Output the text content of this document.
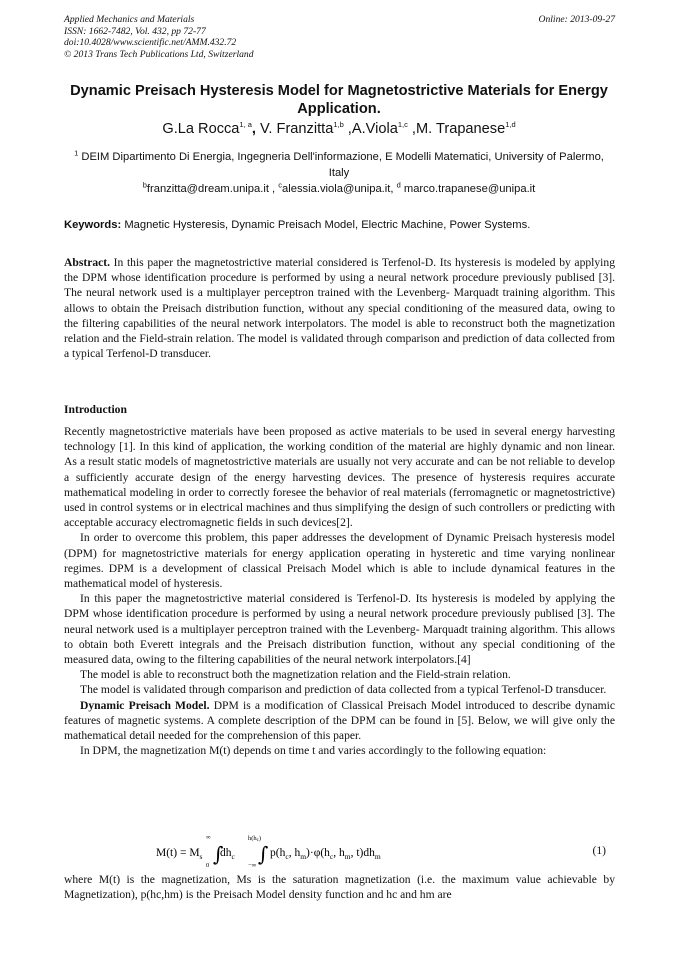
Applied Mechanics and Materials
ISSN: 1662-7482, Vol. 432, pp 72-77
doi:10.4028/www.scientific.net/AMM.432.72
© 2013 Trans Tech Publications Ltd, Switzerland
Online: 2013-09-27
Dynamic Preisach Hysteresis Model for Magnetostrictive Materials for Energy Application.
G.La Rocca$^{1, a}$, V. Franzitta$^{1,b}$ ,A.Viola$^{1,c}$ ,M. Trapanese$^{1,d}$
$^1$ DEIM Dipartimento Di Energia, Ingegneria Dell'informazione, E Modelli Matematici, University of Palermo, Italy
$^b$franzitta@dream.unipa.it , $^c$alessia.viola@unipa.it, $^d$ marco.trapanese@unipa.it
Keywords: Magnetic Hysteresis, Dynamic Preisach Model, Electric Machine, Power Systems.
Abstract. In this paper the magnetostrictive material considered is Terfenol-D. Its hysteresis is modeled by applying the DPM whose identification procedure is performed by using a neural network procedure previously publised [3]. The neural network used is a multiplayer perceptron trained with the Levenberg- Marquadt training algorithm. This allows to obtain the Preisach distribution function, without any special conditioning of the measured data, owing to the filtering capabilities of the neural network interpolators. The model is able to reconstruct both the magnetization relation and the Field-strain relation. The model is validated through comparison and prediction of data collected from a typical Terfenol-D transducer.
Introduction

Recently magnetostrictive materials have been proposed as active materials to be used in several energy harvesting technology [1]. In this kind of application, the working condition of the material are highly dynamic and non linear. As a result static models of magnetostrictive materials are usually not very accurate and can be not reliable to develop a sufficiently accurate design of the energy harvesting devices. The presence of hysteresis requires accurate mathematical modeling in order to correctly foresee the behavior of real materials (ferromagnetic or magnetostrictive) used in control systems or in electrical machines and thus simplifying the design of such controllers or predicting with acceptable accuracy electromagnetic fields in such devices[2].

In order to overcome this problem, this paper addresses the development of Dynamic Preisach hysteresis model (DPM) for magnetostrictive materials for energy application operating in hysteretic and time varying nonlinear regimes. DPM is a development of classical Preisach Model which is able to include dynamical features in the mathematical model of hysteresis.

In this paper the magnetostrictive material considered is Terfenol-D. Its hysteresis is modeled by applying the DPM whose identification procedure is performed by using a neural network procedure previously publised [3]. The neural network used is a multiplayer perceptron trained with the Levenberg- Marquadt training algorithm. This allows to obtain both Everett integrals and the Preisach distribution function, without any special conditioning of the measured data, owing to the filtering capabilities of the neural network interpolators.[4]

The model is able to reconstruct both the magnetization relation and the Field-strain relation.

The model is validated through comparison and prediction of data collected from a typical Terfenol-D transducer.

Dynamic Preisach Model. DPM is a modification of Classical Preisach Model introduced to describe dynamic features of magnetic systems. A complete description of the DPM can be found in [5]. Below, we will give only the mathematical detail needed for the comprehension of this paper.

In DPM, the magnetization M(t) depends on time t and varies accordingly to the following equation:

$M(t) = M_s$
∞
∫
0
$dh_c$
h(hc)
∫
−∞
$p(h_c$, $h_m)\cdot\varphi(h_c$, $h_m$, $t)dh_m$	(1)
where M(t) is the magnetization, Ms is the saturation magnetization (i.e. the maximum value achievable by Magnetization), p(hc,hm) is the Preisach Model density function and hc and hm are
